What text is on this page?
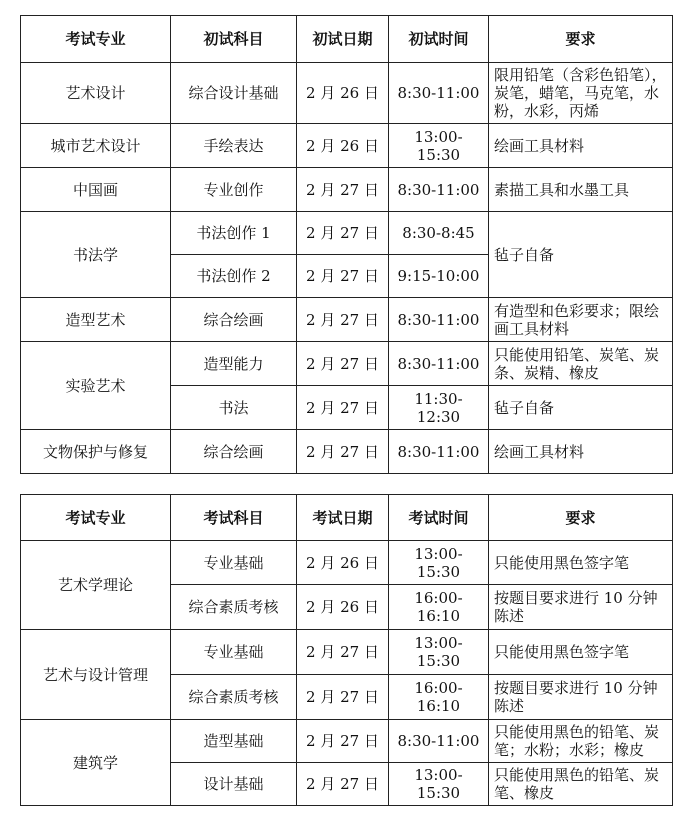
考试专业	初试科目	初试日期	初试时间	要求
艺术设计	综合设计基础	2 月 26 日	8:30-11:00	限用铅笔（含彩色铅笔），炭笔，蜡笔，马克笔，水粉，水彩，丙烯
城市艺术设计	手绘表达	2 月 26 日	13:00-15:30	绘画工具材料
中国画	专业创作	2 月 27 日	8:30-11:00	素描工具和水墨工具
书法学	书法创作 1	2 月 27 日	8:30-8:45	毡子自备
	书法创作 2	2 月 27 日	9:15-10:00	
造型艺术	综合绘画	2 月 27 日	8:30-11:00	有造型和色彩要求；限绘画工具材料
实验艺术	造型能力	2 月 27 日	8:30-11:00	只能使用铅笔、炭笔、炭条、炭精、橡皮
	书法	2 月 27 日	11:30-12:30	毡子自备
文物保护与修复	综合绘画	2 月 27 日	8:30-11:00	绘画工具材料
考试专业	考试科目	考试日期	考试时间	要求
艺术学理论	专业基础	2 月 26 日	13:00-15:30	只能使用黑色签字笔
	综合素质考核	2 月 26 日	16:00-16:10	按题目要求进行 10 分钟陈述
艺术与设计管理	专业基础	2 月 27 日	13:00-15:30	只能使用黑色签字笔
	综合素质考核	2 月 27 日	16:00-16:10	按题目要求进行 10 分钟陈述
建筑学	造型基础	2 月 27 日	8:30-11:00	只能使用黑色的铅笔、炭笔；水粉；水彩；橡皮
	设计基础	2 月 27 日	13:00-15:30	只能使用黑色的铅笔、炭笔、橡皮
